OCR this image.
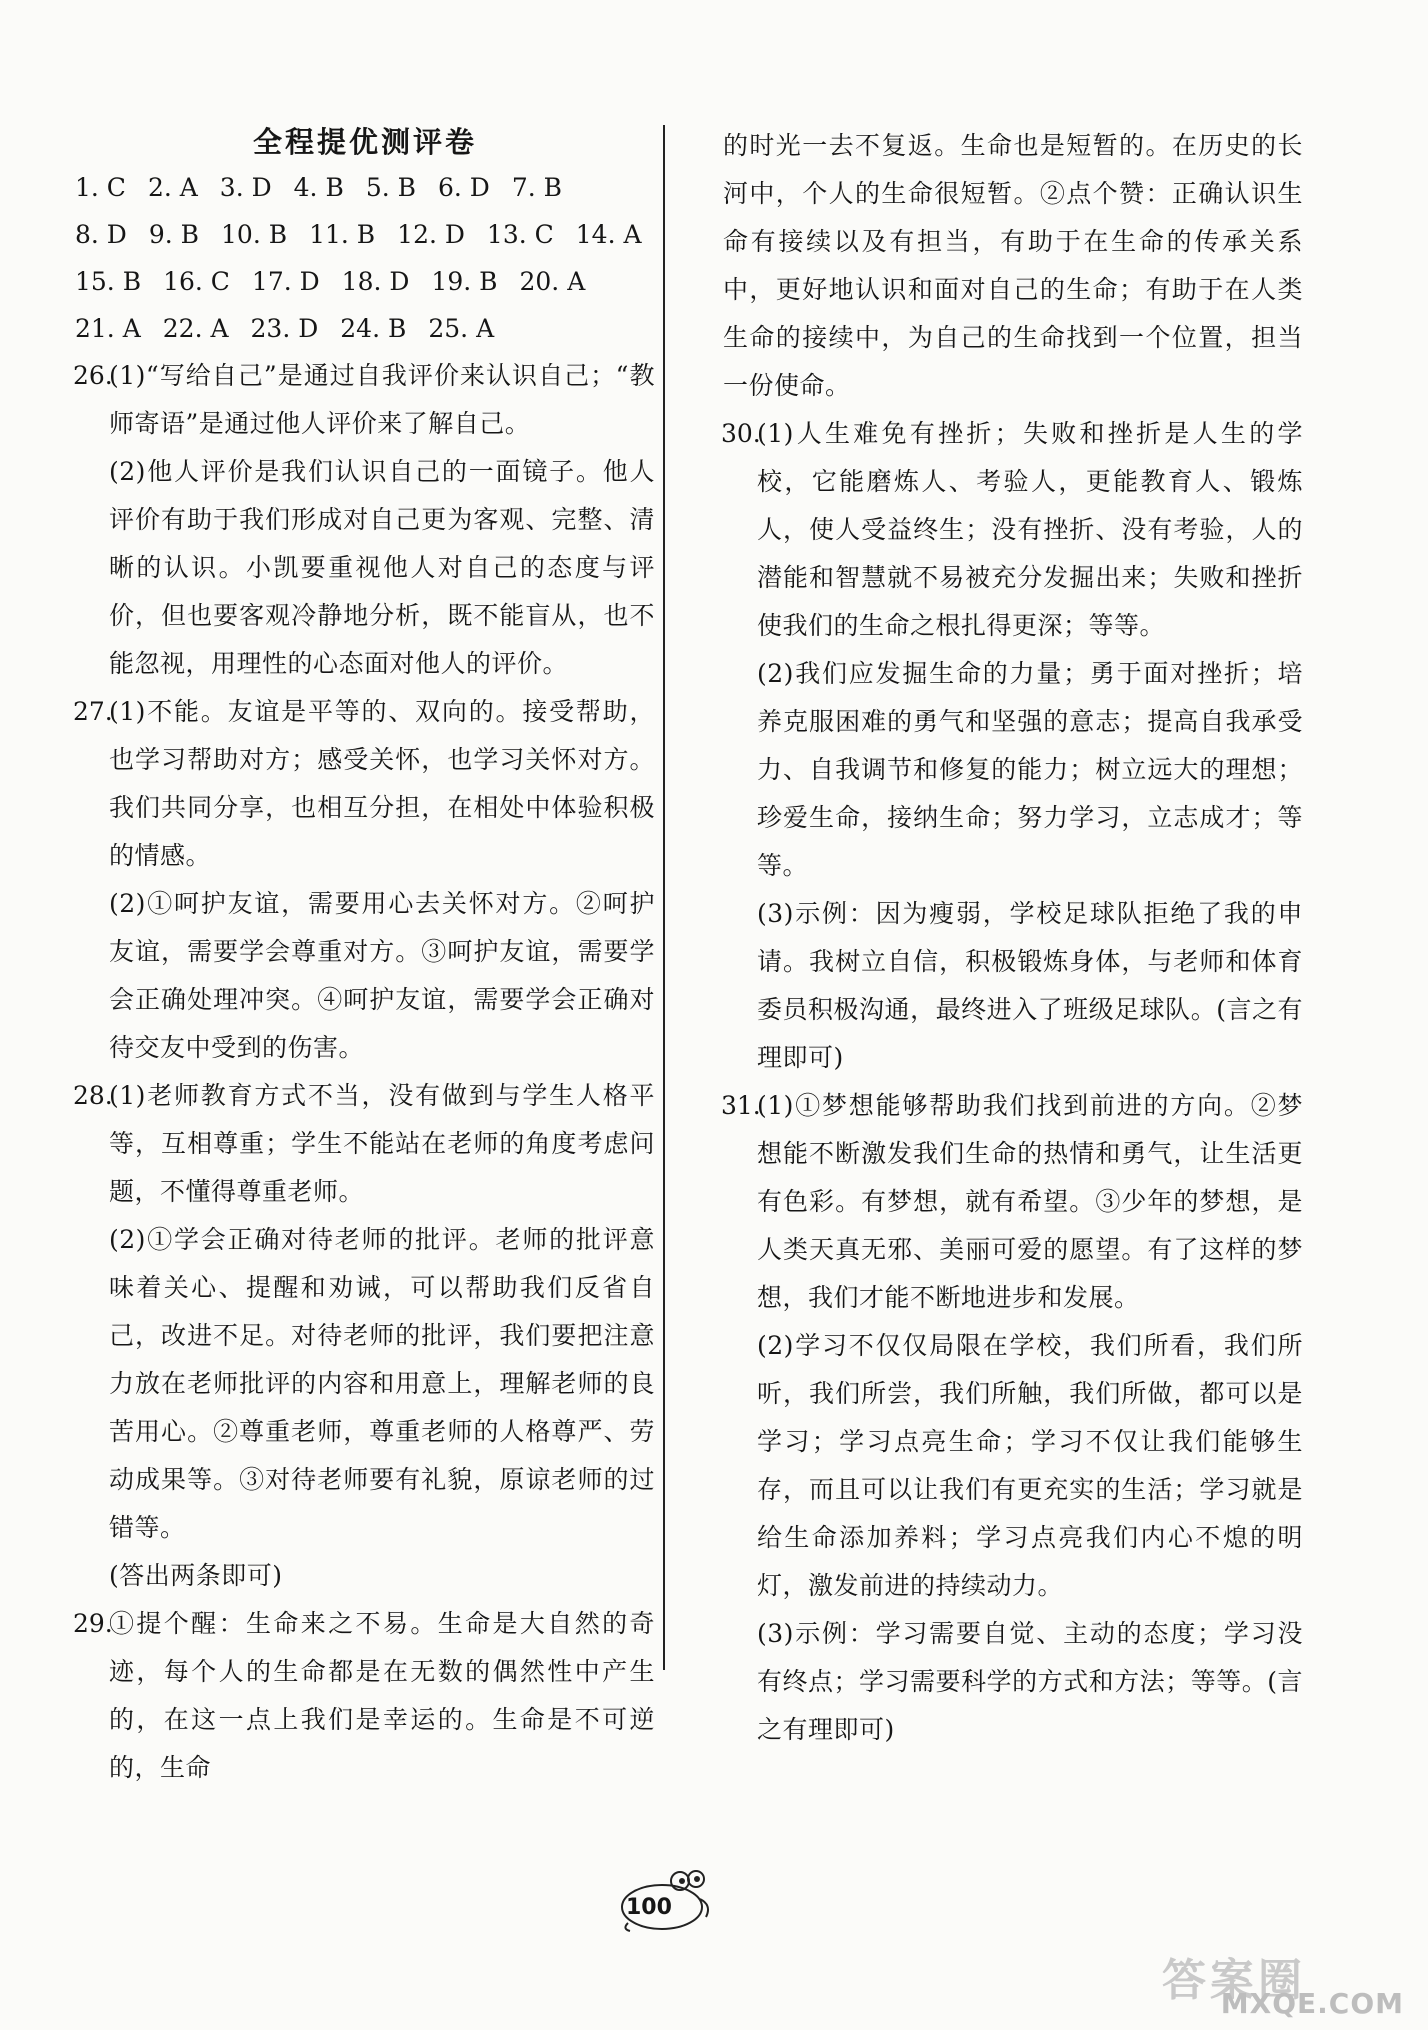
全程提优测评卷
1. C 2. A 3. D 4. B 5. B 6. D 7. B
8. D 9. B 10. B 11. B 12. D 13. C 14. A
15. B 16. C 17. D 18. D 19. B 20. A
21. A 22. A 23. D 24. B 25. A
26.

(1)“写给自己”是通过自我评价来认识自己；“教师寄语”是通过他人评价来了解自己。

(2)他人评价是我们认识自己的一面镜子。他人评价有助于我们形成对自己更为客观、完整、清晰的认识。小凯要重视他人对自己的态度与评价，但也要客观冷静地分析，既不能盲从，也不能忽视，用理性的心态面对他人的评价。

27.

(1)不能。友谊是平等的、双向的。接受帮助，也学习帮助对方；感受关怀，也学习关怀对方。我们共同分享，也相互分担，在相处中体验积极的情感。

(2)①呵护友谊，需要用心去关怀对方。②呵护友谊，需要学会尊重对方。③呵护友谊，需要学会正确处理冲突。④呵护友谊，需要学会正确对待交友中受到的伤害。

28.

(1)老师教育方式不当，没有做到与学生人格平等，互相尊重；学生不能站在老师的角度考虑问题，不懂得尊重老师。

(2)①学会正确对待老师的批评。老师的批评意味着关心、提醒和劝诫，可以帮助我们反省自己，改进不足。对待老师的批评，我们要把注意力放在老师批评的内容和用意上，理解老师的良苦用心。②尊重老师，尊重老师的人格尊严、劳动成果等。③对待老师要有礼貌，原谅老师的过错等。

(答出两条即可)

29.

①提个醒：生命来之不易。生命是大自然的奇迹，每个人的生命都是在无数的偶然性中产生的，在这一点上我们是幸运的。生命是不可逆的，生命

的时光一去不复返。生命也是短暂的。在历史的长河中，个人的生命很短暂。②点个赞：正确认识生命有接续以及有担当，有助于在生命的传承关系中，更好地认识和面对自己的生命；有助于在人类生命的接续中，为自己的生命找到一个位置，担当一份使命。

30.

(1)人生难免有挫折；失败和挫折是人生的学校，它能磨炼人、考验人，更能教育人、锻炼人，使人受益终生；没有挫折、没有考验，人的潜能和智慧就不易被充分发掘出来；失败和挫折使我们的生命之根扎得更深；等等。

(2)我们应发掘生命的力量；勇于面对挫折；培养克服困难的勇气和坚强的意志；提高自我承受力、自我调节和修复的能力；树立远大的理想；珍爱生命，接纳生命；努力学习，立志成才；等等。

(3)示例：因为瘦弱，学校足球队拒绝了我的申请。我树立自信，积极锻炼身体，与老师和体育委员积极沟通，最终进入了班级足球队。(言之有理即可)

31.

(1)①梦想能够帮助我们找到前进的方向。②梦想能不断激发我们生命的热情和勇气，让生活更有色彩。有梦想，就有希望。③少年的梦想，是人类天真无邪、美丽可爱的愿望。有了这样的梦想，我们才能不断地进步和发展。

(2)学习不仅仅局限在学校，我们所看，我们所听，我们所尝，我们所触，我们所做，都可以是学习；学习点亮生命；学习不仅让我们能够生存，而且可以让我们有更充实的生活；学习就是给生命添加养料；学习点亮我们内心不熄的明灯，激发前进的持续动力。

(3)示例：学习需要自觉、主动的态度；学习没有终点；学习需要科学的方式和方法；等等。(言之有理即可)

100
答案圈
MXQE.COM
